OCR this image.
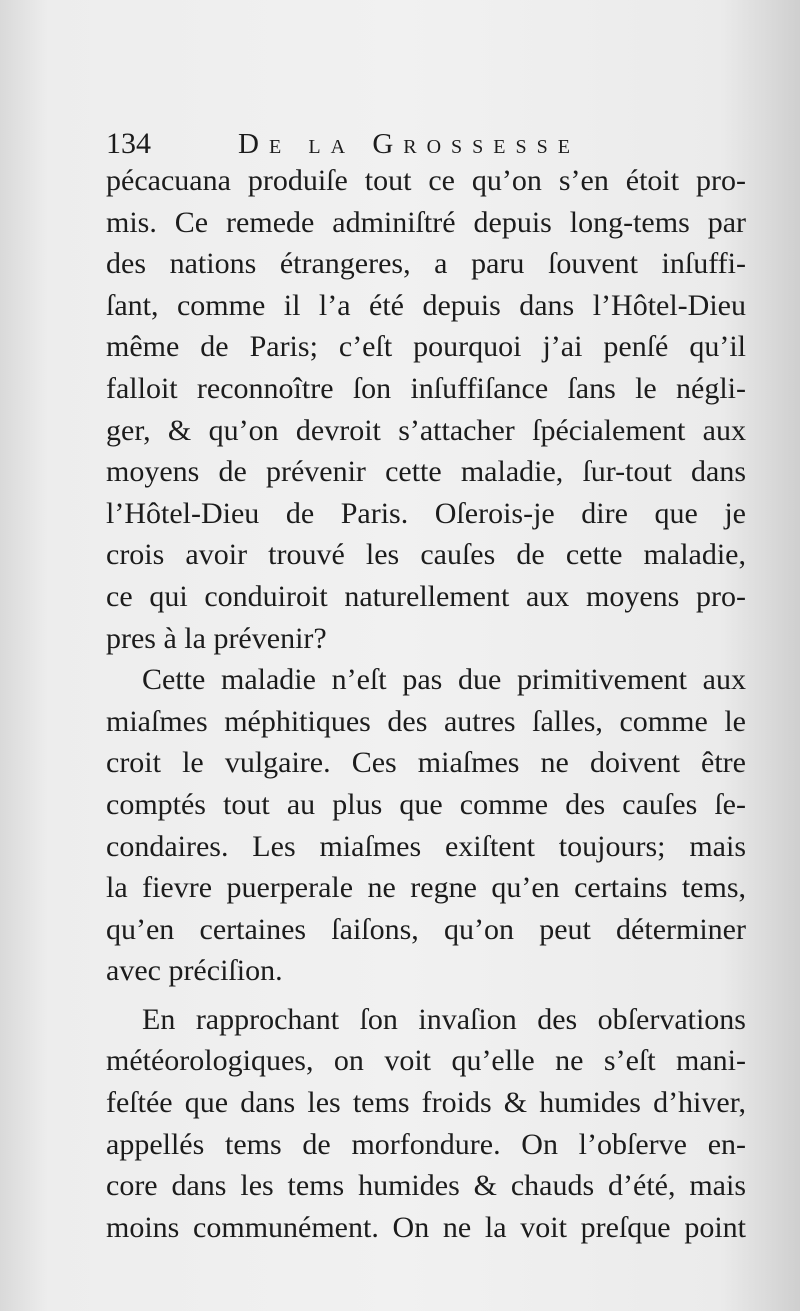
134	De la Grossesse
pécacuana produiſe tout ce qu’on s’en étoit pro-
mis. Ce remede adminiſtré depuis long-tems par
des nations étrangeres, a paru ſouvent inſuffi-
ſant, comme il l’a été depuis dans l’Hôtel-Dieu
même de Paris; c’eſt pourquoi j’ai penſé qu’il
falloit reconnoître ſon inſuffiſance ſans le négli-
ger, & qu’on devroit s’attacher ſpécialement aux
moyens de prévenir cette maladie, ſur-tout dans
l’Hôtel-Dieu de Paris. Oſerois-je dire que je
crois avoir trouvé les cauſes de cette maladie,
ce qui conduiroit naturellement aux moyens pro-
pres à la prévenir?
Cette maladie n’eſt pas due primitivement aux
miaſmes méphitiques des autres ſalles, comme le
croit le vulgaire. Ces miaſmes ne doivent être
comptés tout au plus que comme des cauſes ſe-
condaires. Les miaſmes exiſtent toujours; mais
la fievre puerperale ne regne qu’en certains tems,
qu’en certaines ſaiſons, qu’on peut déterminer
avec préciſion.
En rapprochant ſon invaſion des obſervations
météorologiques, on voit qu’elle ne s’eſt mani-
feſtée que dans les tems froids & humides d’hiver,
appellés tems de morfondure. On l’obſerve en-
core dans les tems humides & chauds d’été, mais
moins communément. On ne la voit preſque point
